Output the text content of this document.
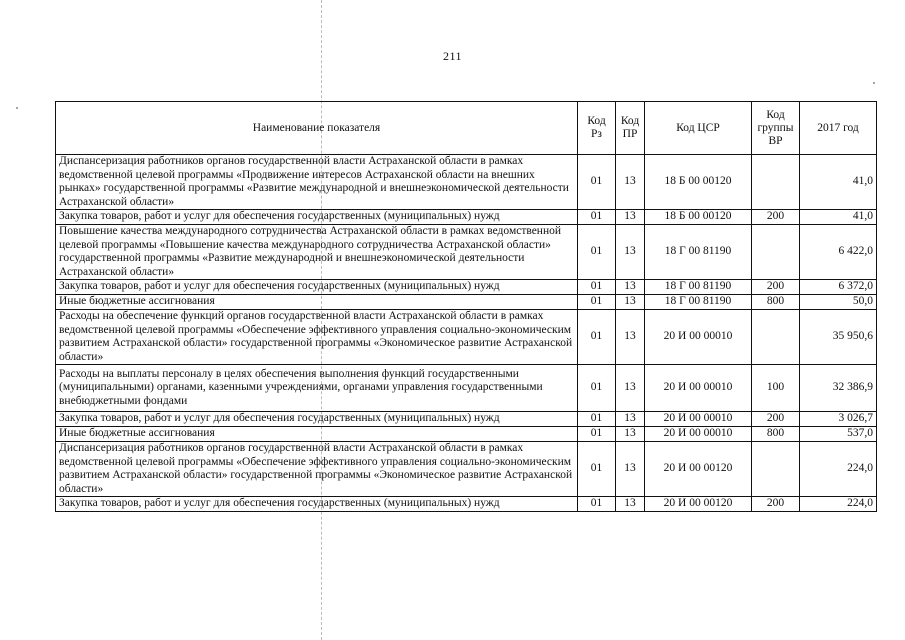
211
Наименование показателя	Код Рз	Код ПР	Код ЦСР	Код группы ВР	2017 год
Диспансеризация работников органов государственной власти Астраханской области в рамках ведомственной целевой программы «Продвижение интересов Астраханской области на внешних рынках» государственной программы «Развитие международной и внешнеэкономической деятельности Астраханской области»	01	13	18 Б 00 00120		41,0
Закупка товаров, работ и услуг для обеспечения государственных (муниципальных) нужд	01	13	18 Б 00 00120	200	41,0
Повышение качества международного сотрудничества Астраханской области в рамках ведомственной целевой программы «Повышение качества международного сотрудничества Астраханской области» государственной программы «Развитие международной и внешнеэкономической деятельности Астраханской области»	01	13	18 Г 00 81190		6 422,0
Закупка товаров, работ и услуг для обеспечения государственных (муниципальных) нужд	01	13	18 Г 00 81190	200	6 372,0
Иные бюджетные ассигнования	01	13	18 Г 00 81190	800	50,0
Расходы на обеспечение функций органов государственной власти Астраханской области в рамках ведомственной целевой программы «Обеспечение эффективного управления социально-экономическим развитием Астраханской области» государственной программы «Экономическое развитие Астраханской области»	01	13	20 И 00 00010		35 950,6
Расходы на выплаты персоналу в целях обеспечения выполнения функций государственными (муниципальными) органами, казенными учреждениями, органами управления государственными внебюджетными фондами	01	13	20 И 00 00010	100	32 386,9
Закупка товаров, работ и услуг для обеспечения государственных (муниципальных) нужд	01	13	20 И 00 00010	200	3 026,7
Иные бюджетные ассигнования	01	13	20 И 00 00010	800	537,0
Диспансеризация работников органов государственной власти Астраханской области в рамках ведомственной целевой программы «Обеспечение эффективного управления социально-экономическим развитием Астраханской области» государственной программы «Экономическое развитие Астраханской области»	01	13	20 И 00 00120		224,0
Закупка товаров, работ и услуг для обеспечения государственных (муниципальных) нужд	01	13	20 И 00 00120	200	224,0
